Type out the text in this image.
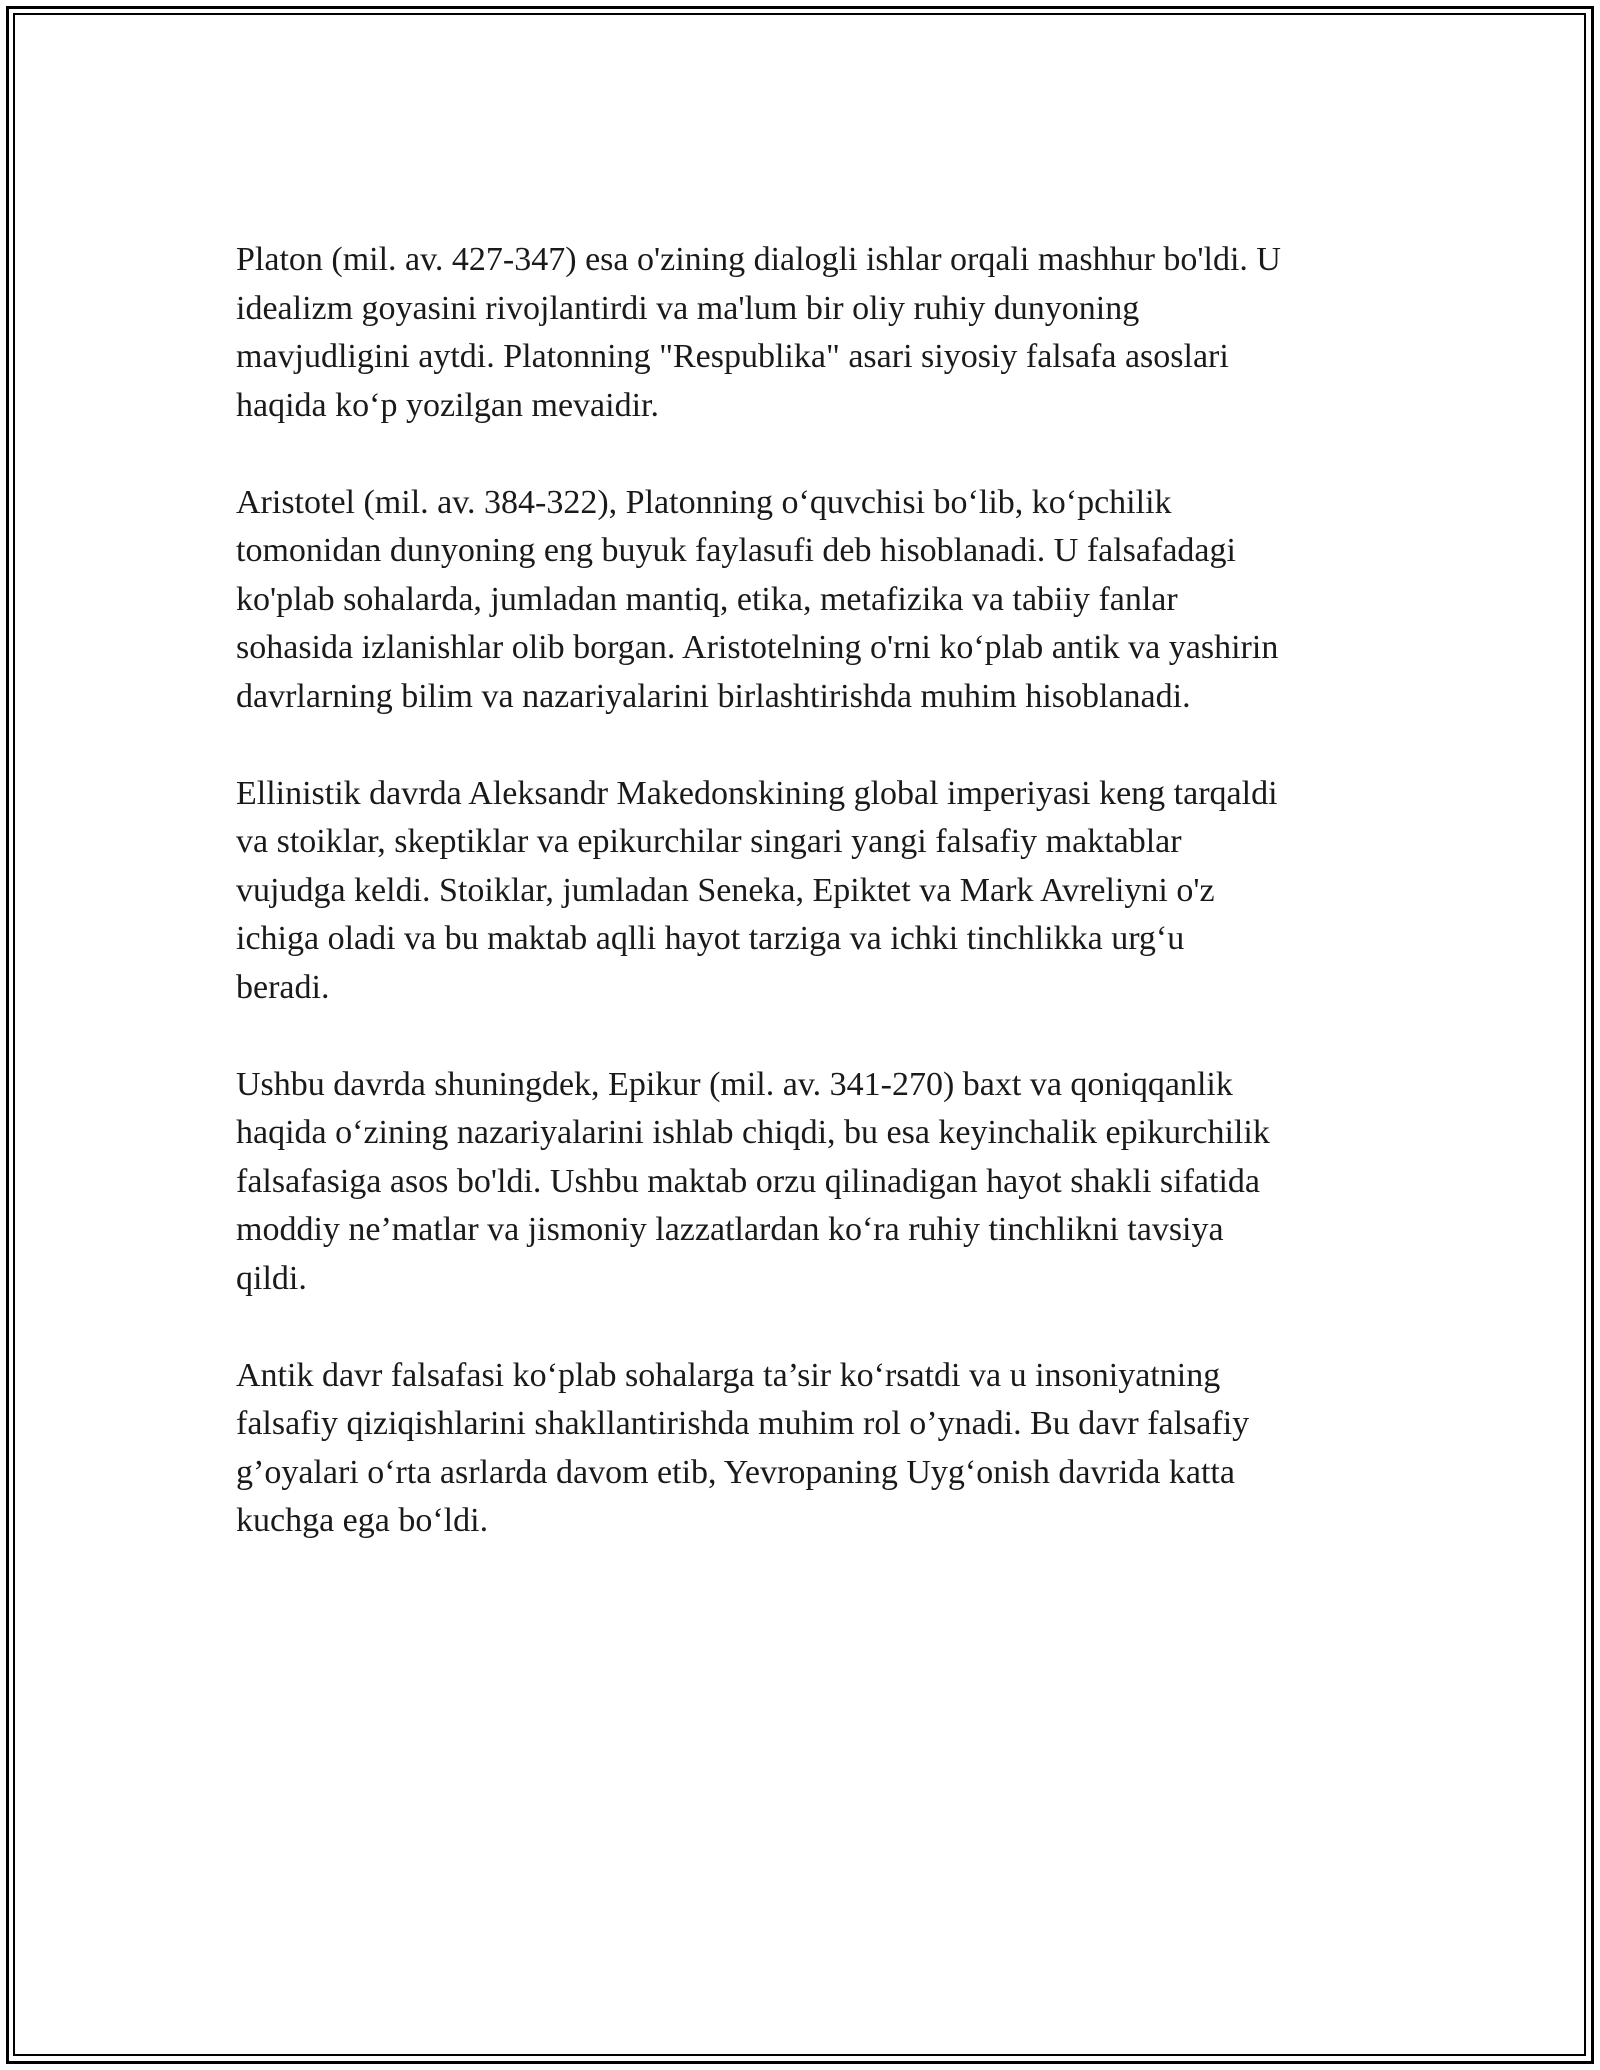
Platon (mil. av. 427-347) esa o'zining dialogli ishlar orqali mashhur bo'ldi. U
idealizm goyasini rivojlantirdi va ma'lum bir oliy ruhiy dunyoning
mavjudligini aytdi. Platonning "Respublika" asari siyosiy falsafa asoslari
haqida ko‘p yozilgan mevaidir.

Aristotel (mil. av. 384-322), Platonning o‘quvchisi bo‘lib, ko‘pchilik
tomonidan dunyoning eng buyuk faylasufi deb hisoblanadi. U falsafadagi
ko'plab sohalarda, jumladan mantiq, etika, metafizika va tabiiy fanlar
sohasida izlanishlar olib borgan. Aristotelning o'rni ko‘plab antik va yashirin
davrlarning bilim va nazariyalarini birlashtirishda muhim hisoblanadi.

Ellinistik davrda Aleksandr Makedonskining global imperiyasi keng tarqaldi
va stoiklar, skeptiklar va epikurchilar singari yangi falsafiy maktablar
vujudga keldi. Stoiklar, jumladan Seneka, Epiktet va Mark Avreliyni o'z
ichiga oladi va bu maktab aqlli hayot tarziga va ichki tinchlikka urg‘u
beradi.

Ushbu davrda shuningdek, Epikur (mil. av. 341-270) baxt va qoniqqanlik
haqida o‘zining nazariyalarini ishlab chiqdi, bu esa keyinchalik epikurchilik
falsafasiga asos bo'ldi. Ushbu maktab orzu qilinadigan hayot shakli sifatida
moddiy ne’matlar va jismoniy lazzatlardan ko‘ra ruhiy tinchlikni tavsiya
qildi.

Antik davr falsafasi ko‘plab sohalarga ta’sir ko‘rsatdi va u insoniyatning
falsafiy qiziqishlarini shakllantirishda muhim rol o’ynadi. Bu davr falsafiy
g’oyalari o‘rta asrlarda davom etib, Yevropaning Uyg‘onish davrida katta
kuchga ega bo‘ldi.
